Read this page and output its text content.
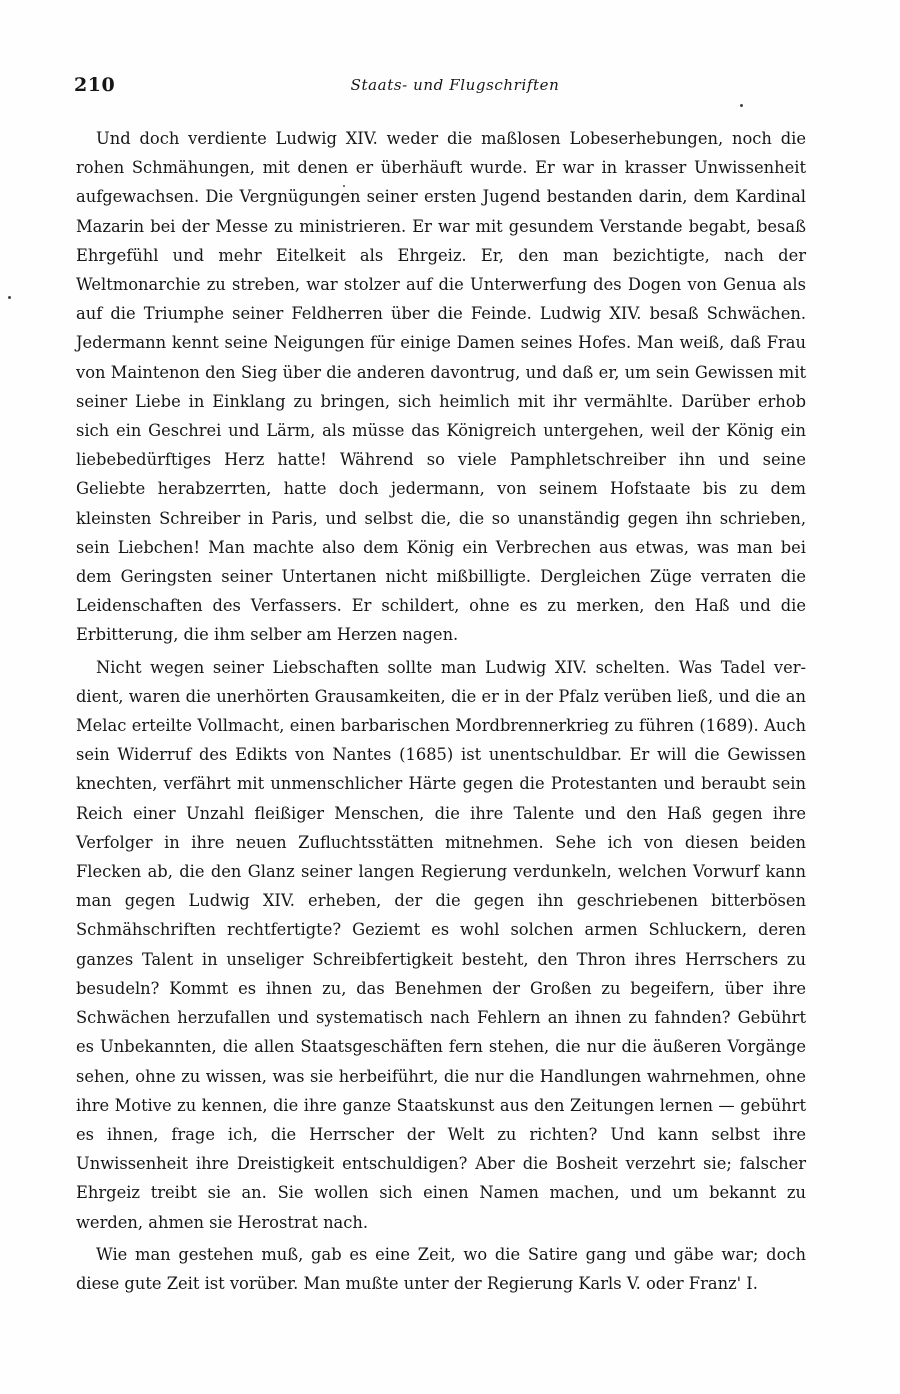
210	Staats- und Flugschriften

Und doch verdiente Ludwig XIV. weder die maßlosen Lobeserhebungen, noch die rohen Schmähungen, mit denen er überhäuft wurde. Er war in krasser Unwissenheit aufgewachsen. Die Vergnügungen seiner ersten Jugend bestanden darin, dem Kardinal Mazarin bei der Messe zu ministrieren. Er war mit gesundem Verstande begabt, besaß Ehrgefühl und mehr Eitelkeit als Ehrgeiz. Er, den man bezichtigte, nach der Weltmonarchie zu streben, war stolzer auf die Unterwerfung des Dogen von Genua als auf die Triumphe seiner Feldherren über die Feinde. Ludwig XIV. besaß Schwächen. Jedermann kennt seine Neigungen für einige Damen seines Hofes. Man weiß, daß Frau von Maintenon den Sieg über die anderen davontrug, und daß er, um sein Gewissen mit seiner Liebe in Einklang zu bringen, sich heimlich mit ihr vermählte. Darüber erhob sich ein Geschrei und Lärm, als müsse das Königreich untergehen, weil der König ein liebebedürftiges Herz hatte! Während so viele Pamphletschreiber ihn und seine Geliebte herabzerrten, hatte doch jedermann, von seinem Hofstaate bis zu dem kleinsten Schreiber in Paris, und selbst die, die so unanständig gegen ihn schrieben, sein Liebchen! Man machte also dem König ein Verbrechen aus etwas, was man bei dem Geringsten seiner Untertanen nicht mißbilligte. Dergleichen Züge verraten die Leidenschaften des Verfassers. Er schildert, ohne es zu merken, den Haß und die Erbitterung, die ihm selber am Herzen nagen.

Nicht wegen seiner Liebschaften sollte man Ludwig XIV. schelten. Was Tadel verdient, waren die unerhörten Grausamkeiten, die er in der Pfalz verüben ließ, und die an Melac erteilte Vollmacht, einen barbarischen Mordbrennerkrieg zu führen (1689). Auch sein Widerruf des Edikts von Nantes (1685) ist unentschuldbar. Er will die Gewissen knechten, verfährt mit unmenschlicher Härte gegen die Protestanten und beraubt sein Reich einer Unzahl fleißiger Menschen, die ihre Talente und den Haß gegen ihre Verfolger in ihre neuen Zufluchtsstätten mitnehmen. Sehe ich von diesen beiden Flecken ab, die den Glanz seiner langen Regierung verdunkeln, welchen Vorwurf kann man gegen Ludwig XIV. erheben, der die gegen ihn geschriebenen bitterbösen Schmähschriften rechtfertigte? Geziemt es wohl solchen armen Schluckern, deren ganzes Talent in unseliger Schreibfertigkeit besteht, den Thron ihres Herrschers zu besudeln? Kommt es ihnen zu, das Benehmen der Großen zu begeifern, über ihre Schwächen herzufallen und systematisch nach Fehlern an ihnen zu fahnden? Gebührt es Unbekannten, die allen Staatsgeschäften fern stehen, die nur die äußeren Vorgänge sehen, ohne zu wissen, was sie herbeiführt, die nur die Handlungen wahrnehmen, ohne ihre Motive zu kennen, die ihre ganze Staatskunst aus den Zeitungen lernen — gebührt es ihnen, frage ich, die Herrscher der Welt zu richten? Und kann selbst ihre Unwissenheit ihre Dreistigkeit entschuldigen? Aber die Bosheit verzehrt sie; falscher Ehrgeiz treibt sie an. Sie wollen sich einen Namen machen, und um bekannt zu werden, ahmen sie Herostrat nach.

Wie man gestehen muß, gab es eine Zeit, wo die Satire gang und gäbe war; doch diese gute Zeit ist vorüber. Man mußte unter der Regierung Karls V. oder Franz' I.
